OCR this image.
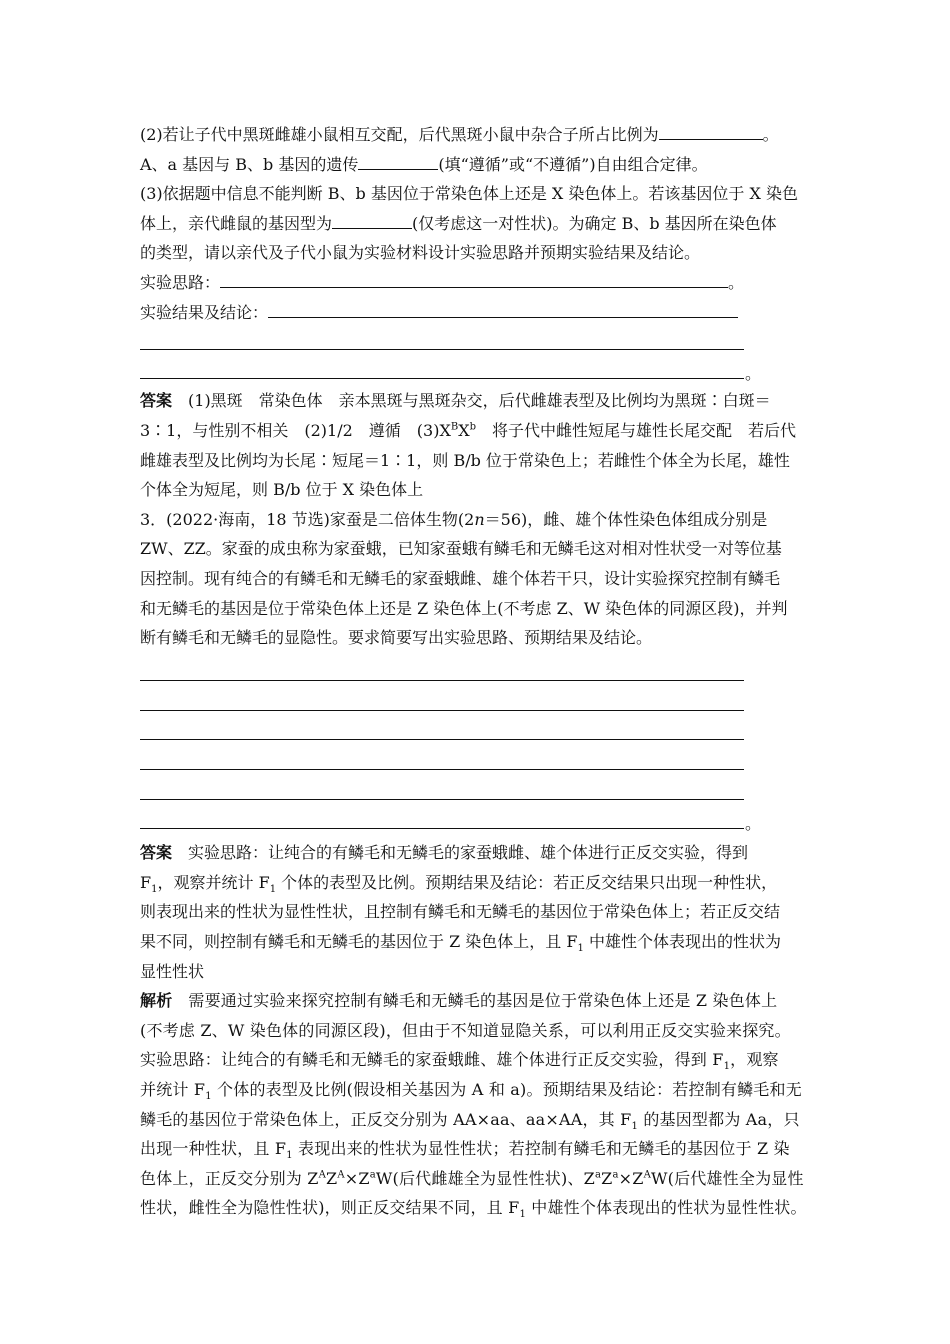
(2)若让子代中黑斑雌雄小鼠相互交配，后代黑斑小鼠中杂合子所占比例为	。
A、a 基因与 B、b 基因的遗传	(填“遵循”或“不遵循”)自由组合定律。
(3)依据题中信息不能判断 B、b 基因位于常染色体上还是 X 染色体上。若该基因位于 X 染色
体上，亲代雌鼠的基因型为	(仅考虑这一对性状)。为确定 B、b 基因所在染色体
的类型，请以亲代及子代小鼠为实验材料设计实验思路并预期实验结果及结论。
实验思路：	。
实验结果及结论：
。
答案 (1)黑斑　常染色体　亲本黑斑与黑斑杂交，后代雌雄表型及比例均为黑斑∶白斑＝
3∶1，与性别不相关　(2)1/2　遵循　$(3)X^BX^b$　将子代中雌性短尾与雄性长尾交配　若后代
雌雄表型及比例均为长尾∶短尾＝1∶1，则 B/b 位于常染色上；若雌性个体全为长尾，雄性
个体全为短尾，则 B/b 位于 X 染色体上
3．(2022·海南，18 节选)家蚕是二倍体生物(2n＝56)，雌、雄个体性染色体组成分别是
ZW、ZZ。家蚕的成虫称为家蚕蛾，已知家蚕蛾有鳞毛和无鳞毛这对相对性状受一对等位基
因控制。现有纯合的有鳞毛和无鳞毛的家蚕蛾雌、雄个体若干只，设计实验探究控制有鳞毛
和无鳞毛的基因是位于常染色体上还是 Z 染色体上(不考虑 Z、W 染色体的同源区段)，并判
断有鳞毛和无鳞毛的显隐性。要求简要写出实验思路、预期结果及结论。
。
答案 实验思路：让纯合的有鳞毛和无鳞毛的家蚕蛾雌、雄个体进行正反交实验，得到
$F_1$，观察并统计 $F_1$ 个体的表型及比例。预期结果及结论：若正反交结果只出现一种性状，
则表现出来的性状为显性性状，且控制有鳞毛和无鳞毛的基因位于常染色体上；若正反交结
果不同，则控制有鳞毛和无鳞毛的基因位于 Z 染色体上，且 $F_1$ 中雄性个体表现出的性状为
显性性状
解析 需要通过实验来探究控制有鳞毛和无鳞毛的基因是位于常染色体上还是 Z 染色体上
(不考虑 Z、W 染色体的同源区段)，但由于不知道显隐关系，可以利用正反交实验来探究。
实验思路：让纯合的有鳞毛和无鳞毛的家蚕蛾雌、雄个体进行正反交实验，得到 $F_1$，观察
并统计 $F_1$ 个体的表型及比例(假设相关基因为 A 和 a)。预期结果及结论：若控制有鳞毛和无
鳞毛的基因位于常染色体上，正反交分别为 AA×aa、aa×AA，其 $F_1$ 的基因型都为 Aa，只
出现一种性状，且 $F_1$ 表现出来的性状为显性性状；若控制有鳞毛和无鳞毛的基因位于 Z 染
色体上，正反交分别为 $Z^AZ^A\times Z^aW$(后代雌雄全为显性性状)、$Z^aZ^a\times Z^AW$(后代雄性全为显性
性状，雌性全为隐性性状)，则正反交结果不同，且 $F_1$ 中雄性个体表现出的性状为显性性状。
